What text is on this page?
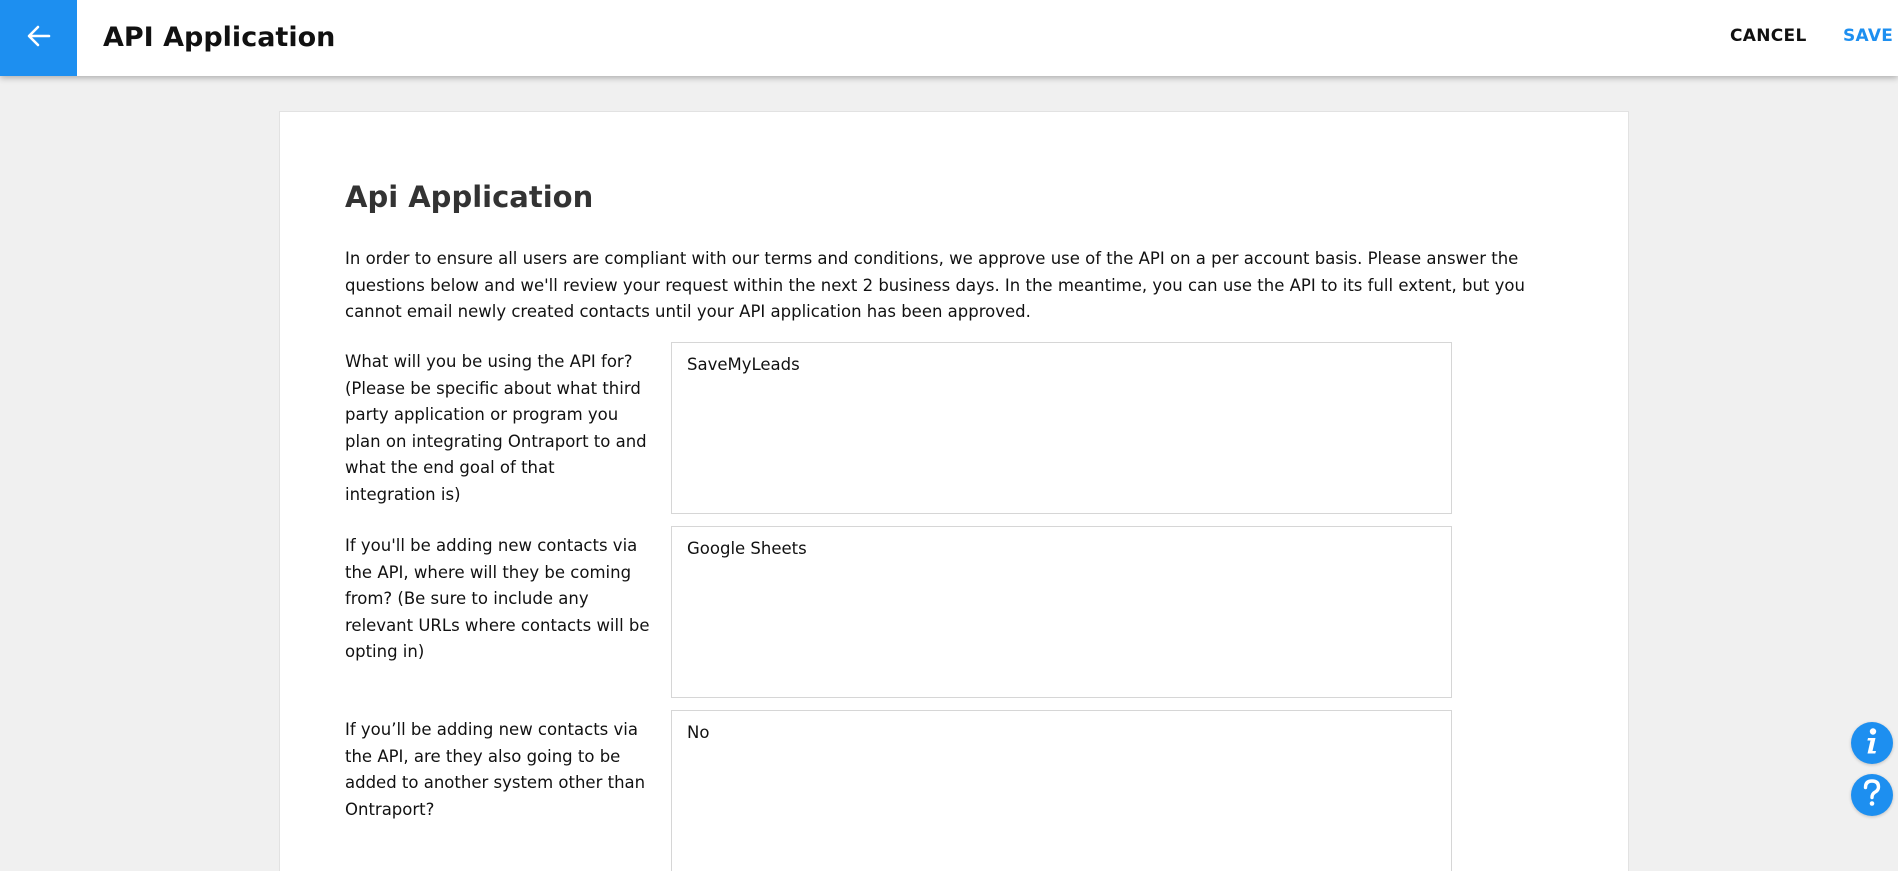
API Application	CANCEL SAVE
Api Application

In order to ensure all users are compliant with our terms and conditions, we approve use of the API on a per account basis. Please answer the questions below and we'll review your request within the next 2 business days. In the meantime, you can use the API to its full extent, but you cannot email newly created contacts until your API application has been approved.

What will you be using the API for? (Please be specific about what third party application or program you plan on integrating Ontraport to and what the end goal of that integration is)
SaveMyLeads
If you'll be adding new contacts via the API, where will they be coming from? (Be sure to include any relevant URLs where contacts will be opting in)
Google Sheets
If you’ll be adding new contacts via the API, are they also going to be added to another system other than Ontraport?
No
